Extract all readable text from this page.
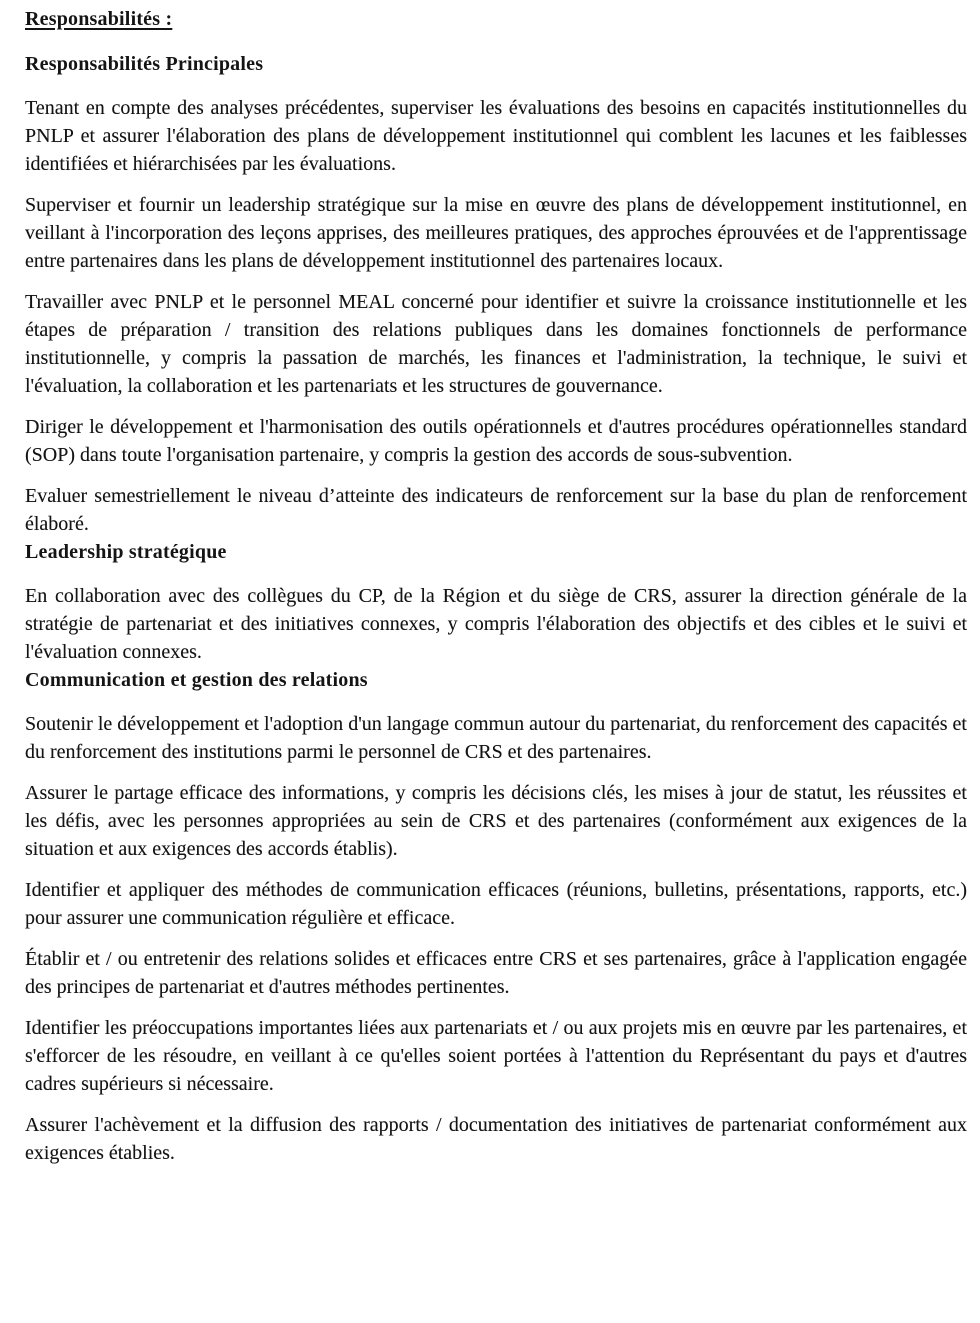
Responsabilités :
Responsabilités Principales

Tenant en compte des analyses précédentes, superviser les évaluations des besoins en capacités institutionnelles du PNLP et assurer l'élaboration des plans de développement institutionnel qui comblent les lacunes et les faiblesses identifiées et hiérarchisées par les évaluations.

Superviser et fournir un leadership stratégique sur la mise en œuvre des plans de développement institutionnel, en veillant à l'incorporation des leçons apprises, des meilleures pratiques, des approches éprouvées et de l'apprentissage entre partenaires dans les plans de développement institutionnel des partenaires locaux.

Travailler avec PNLP et le personnel MEAL concerné pour identifier et suivre la croissance institutionnelle et les étapes de préparation / transition des relations publiques dans les domaines fonctionnels de performance institutionnelle, y compris la passation de marchés, les finances et l'administration, la technique, le suivi et l'évaluation, la collaboration et les partenariats et les structures de gouvernance.

Diriger le développement et l'harmonisation des outils opérationnels et d'autres procédures opérationnelles standard (SOP) dans toute l'organisation partenaire, y compris la gestion des accords de sous-subvention.

Evaluer semestriellement le niveau d’atteinte des indicateurs de renforcement sur la base du plan de renforcement élaboré.

Leadership stratégique

En collaboration avec des collègues du CP, de la Région et du siège de CRS, assurer la direction générale de la stratégie de partenariat et des initiatives connexes, y compris l'élaboration des objectifs et des cibles et le suivi et l'évaluation connexes.

Communication et gestion des relations

Soutenir le développement et l'adoption d'un langage commun autour du partenariat, du renforcement des capacités et du renforcement des institutions parmi le personnel de CRS et des partenaires.

Assurer le partage efficace des informations, y compris les décisions clés, les mises à jour de statut, les réussites et les défis, avec les personnes appropriées au sein de CRS et des partenaires (conformément aux exigences de la situation et aux exigences des accords établis).

Identifier et appliquer des méthodes de communication efficaces (réunions, bulletins, présentations, rapports, etc.) pour assurer une communication régulière et efficace.

Établir et / ou entretenir des relations solides et efficaces entre CRS et ses partenaires, grâce à l'application engagée des principes de partenariat et d'autres méthodes pertinentes.

Identifier les préoccupations importantes liées aux partenariats et / ou aux projets mis en œuvre par les partenaires, et s'efforcer de les résoudre, en veillant à ce qu'elles soient portées à l'attention du Représentant du pays et d'autres cadres supérieurs si nécessaire.

Assurer l'achèvement et la diffusion des rapports / documentation des initiatives de partenariat conformément aux exigences établies.
